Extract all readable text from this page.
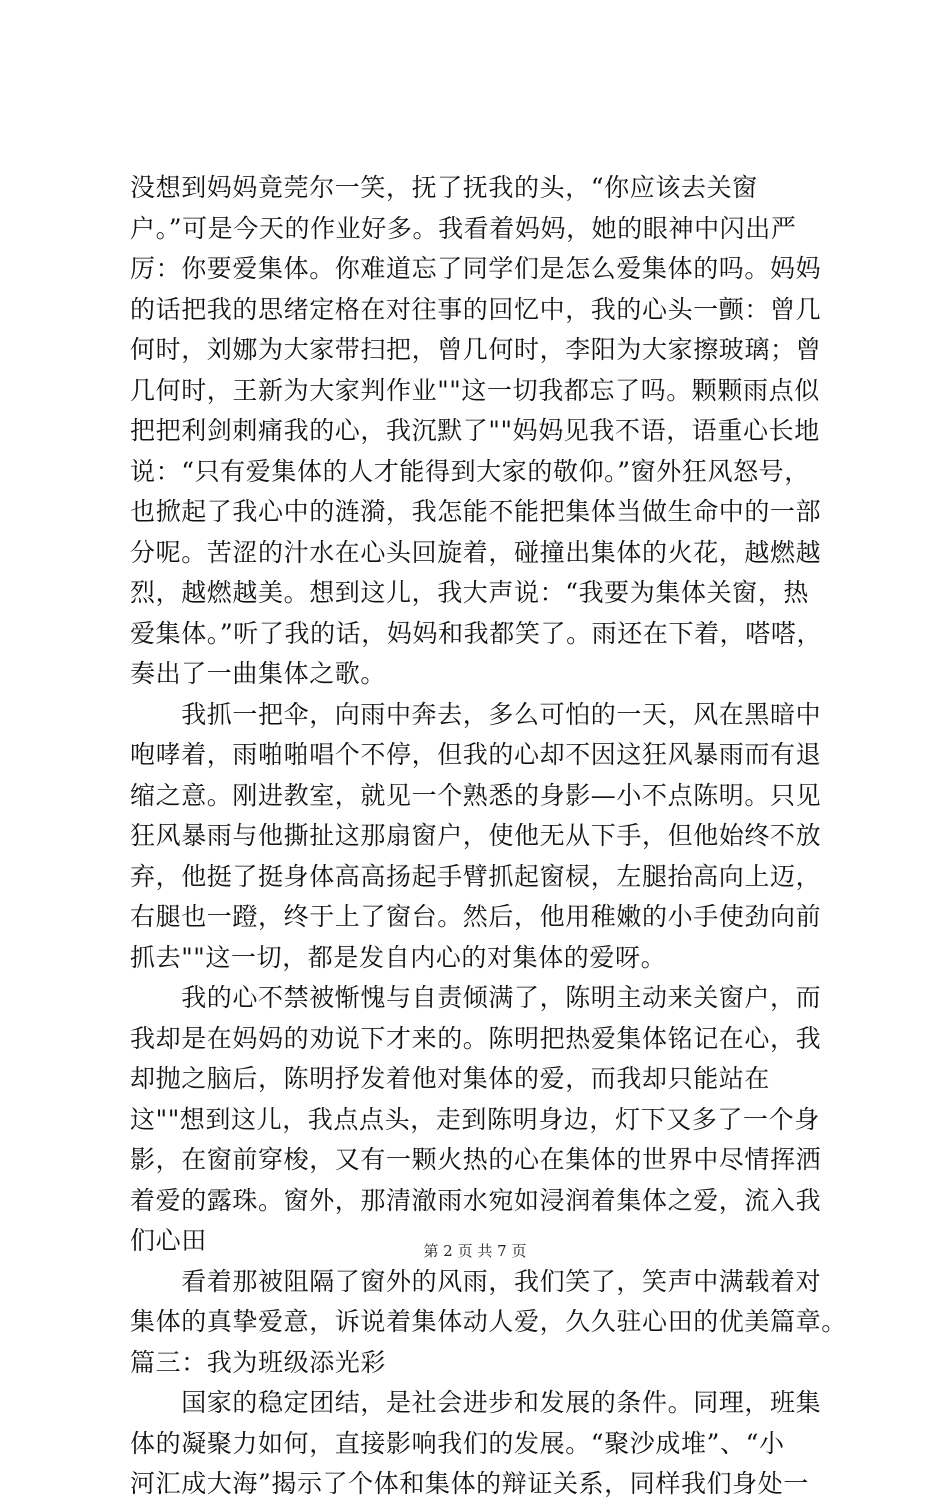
没想到妈妈竟莞尔一笑，抚了抚我的头，“你应该去关窗
户。”可是今天的作业好多。我看着妈妈，她的眼神中闪出严
厉：你要爱集体。你难道忘了同学们是怎么爱集体的吗。妈妈
的话把我的思绪定格在对往事的回忆中，我的心头一颤：曾几
何时，刘娜为大家带扫把，曾几何时，李阳为大家擦玻璃；曾
几何时，王新为大家判作业""这一切我都忘了吗。颗颗雨点似
把把利剑刺痛我的心，我沉默了""妈妈见我不语，语重心长地
说：“只有爱集体的人才能得到大家的敬仰。”窗外狂风怒号，
也掀起了我心中的涟漪，我怎能不能把集体当做生命中的一部
分呢。苦涩的汁水在心头回旋着，碰撞出集体的火花，越燃越
烈，越燃越美。想到这儿，我大声说：“我要为集体关窗，热
爱集体。”听了我的话，妈妈和我都笑了。雨还在下着，嗒嗒，
奏出了一曲集体之歌。
　　我抓一把伞，向雨中奔去，多么可怕的一天，风在黑暗中
咆哮着，雨啪啪唱个不停，但我的心却不因这狂风暴雨而有退
缩之意。刚进教室，就见一个熟悉的身影—小不点陈明。只见
狂风暴雨与他撕扯这那扇窗户，使他无从下手，但他始终不放
弃，他挺了挺身体高高扬起手臂抓起窗棂，左腿抬高向上迈，
右腿也一蹬，终于上了窗台。然后，他用稚嫩的小手使劲向前
抓去""这一切，都是发自内心的对集体的爱呀。
　　我的心不禁被惭愧与自责倾满了，陈明主动来关窗户，而
我却是在妈妈的劝说下才来的。陈明把热爱集体铭记在心，我
却抛之脑后，陈明抒发着他对集体的爱，而我却只能站在
这""想到这儿，我点点头，走到陈明身边，灯下又多了一个身
影，在窗前穿梭，又有一颗火热的心在集体的世界中尽情挥洒
着爱的露珠。窗外，那清澈雨水宛如浸润着集体之爱，流入我
们心田
　　看着那被阻隔了窗外的风雨，我们笑了，笑声中满载着对
集体的真挚爱意，诉说着集体动人爱，久久驻心田的优美篇章。
篇三：我为班级添光彩
　　国家的稳定团结，是社会进步和发展的条件。同理，班集
体的凝聚力如何，直接影响我们的发展。“聚沙成堆”、“小
河汇成大海”揭示了个体和集体的辩证关系，同样我们身处一
第 2 页 共 7 页
